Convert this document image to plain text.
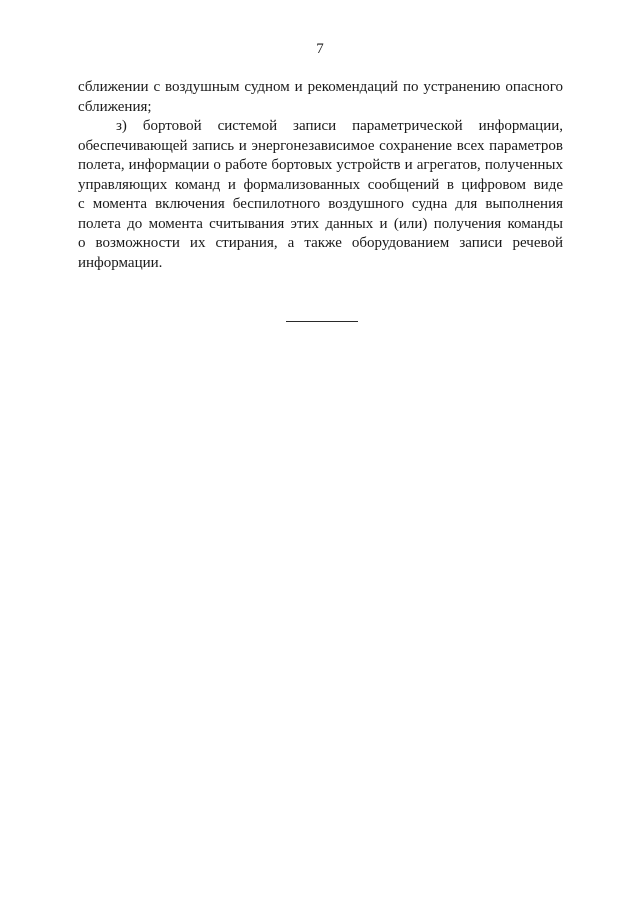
7
сближении с воздушным судном и рекомендаций по устранению опасного
сближения;
з) бортовой системой записи параметрической информации,
обеспечивающей запись и энергонезависимое сохранение всех параметров
полета, информации о работе бортовых устройств и агрегатов, полученных
управляющих команд и формализованных сообщений в цифровом виде
с момента включения беспилотного воздушного судна для выполнения
полета до момента считывания этих данных и (или) получения команды
о возможности их стирания, а также оборудованием записи речевой
информации.
